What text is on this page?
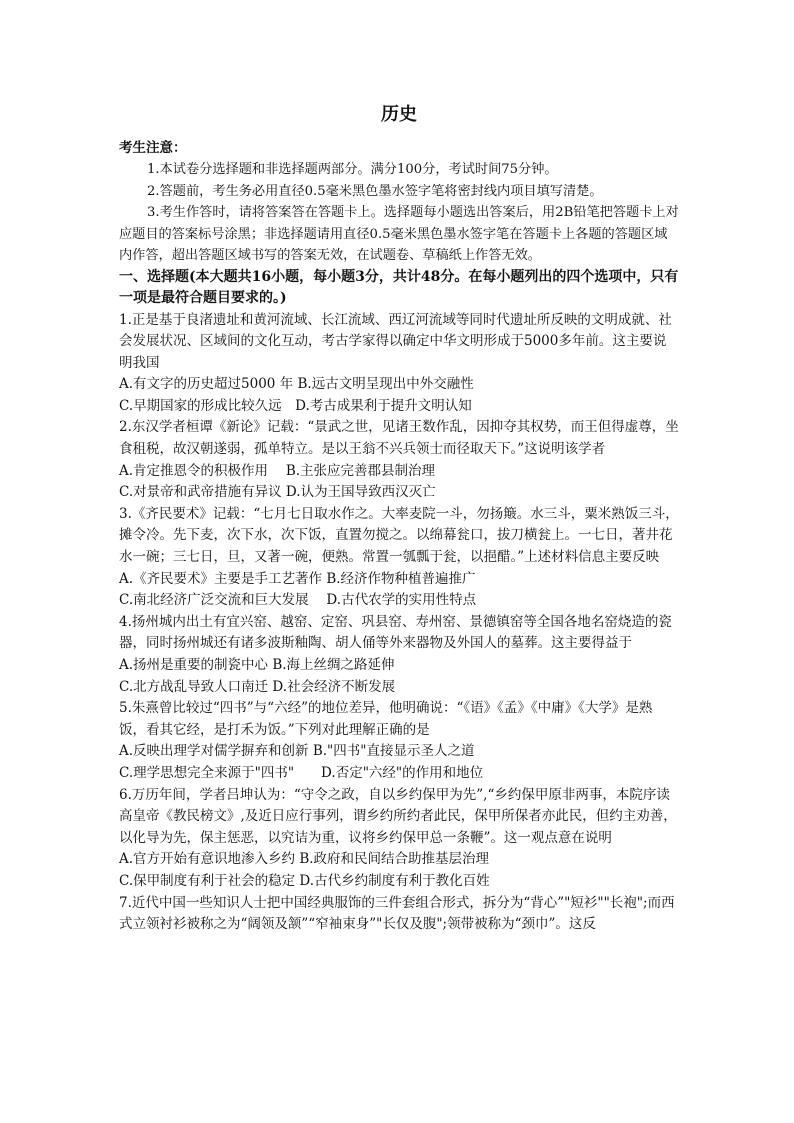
历史
考生注意：

1.本试卷分选择题和非选择题两部分。满分100分，考试时间75分钟。

2.答题前，考生务必用直径0.5毫米黑色墨水签字笔将密封线内项目填写清楚。

3.考生作答时，请将答案答在答题卡上。选择题每小题选出答案后，用2B铅笔把答题卡上对应题目的答案标号涂黑；非选择题请用直径0.5毫米黑色墨水签字笔在答题卡上各题的答题区域内作答，超出答题区域书写的答案无效，在试题卷、草稿纸上作答无效。

一、选择题(本大题共16小题，每小题3分，共计48分。在每小题列出的四个选项中，只有一项是最符合题目要求的。)

1.正是基于良渚遗址和黄河流域、长江流域、西辽河流域等同时代遗址所反映的文明成就、社会发展状况、区域间的文化互动，考古学家得以确定中华文明形成于5000多年前。这主要说明我国

A.有文字的历史超过5000 年 B.远古文明呈现出中外交融性

C.早期国家的形成比较久远　D.考古成果利于提升文明认知

2.东汉学者桓谭《新论》记载：“景武之世，见诸王数作乱，因抑夺其权势，而王但得虚尊，坐食租税，故汉朝遂弱，孤单特立。是以王翁不兴兵领士而径取天下。”这说明该学者

A.肯定推恩令的积极作用　 B.主张应完善郡县制治理

C.对景帝和武帝措施有异议 D.认为王国导致西汉灭亡

3.《齐民要术》记载：“七月七日取水作之。大率麦院一斗，勿扬簸。水三斗，粟米熟饭三斗，摊令冷。先下麦，次下水，次下饭，直置勿搅之。以绵幕瓮口，拔刀横瓮上。一七日，著井花水一碗；三七日，旦，又著一碗，便熟。常置一瓠瓢于瓮，以挹醋。”上述材料信息主要反映

A.《齐民要术》主要是手工艺著作 B.经济作物种植普遍推广

C.南北经济广泛交流和巨大发展　 D.古代农学的实用性特点

4.扬州城内出土有宜兴窑、越窑、定窑、巩县窑、寿州窑、景德镇窑等全国各地名窑烧造的瓷器，同时扬州城还有诸多波斯釉陶、胡人俑等外来器物及外国人的墓葬。这主要得益于

A.扬州是重要的制瓷中心 B.海上丝绸之路延伸

C.北方战乱导致人口南迁 D.社会经济不断发展

5.朱熹曾比较过“四书”与“六经”的地位差异，他明确说：“《语》《孟》《中庸》《大学》是熟饭，看其它经，是打禾为饭。”下列对此理解正确的是

A.反映出理学对儒学摒弃和创新 B."四书"直接显示圣人之道

C.理学思想完全来源于"四书"　　D.否定"六经"的作用和地位

6.万历年间，学者吕坤认为：“守令之政，自以乡约保甲为先”,“乡约保甲原非两事，本院序读高皇帝《教民榜文》,及近日应行事列，谓乡约所约者此民，保甲所保者亦此民，但约主劝善，以化导为先，保主惩恶，以究诘为重，议将乡约保甲总一条鞭”。这一观点意在说明

A.官方开始有意识地渗入乡约 B.政府和民间结合助推基层治理

C.保甲制度有利于社会的稳定 D.古代乡约制度有利于教化百姓

7.近代中国一些知识人士把中国经典服饰的三件套组合形式，拆分为“背心”"短衫""长袍";而西式立领衬衫被称之为“阔领及颔”“窄袖束身”"长仅及腹";领带被称为“颈巾”。这反
